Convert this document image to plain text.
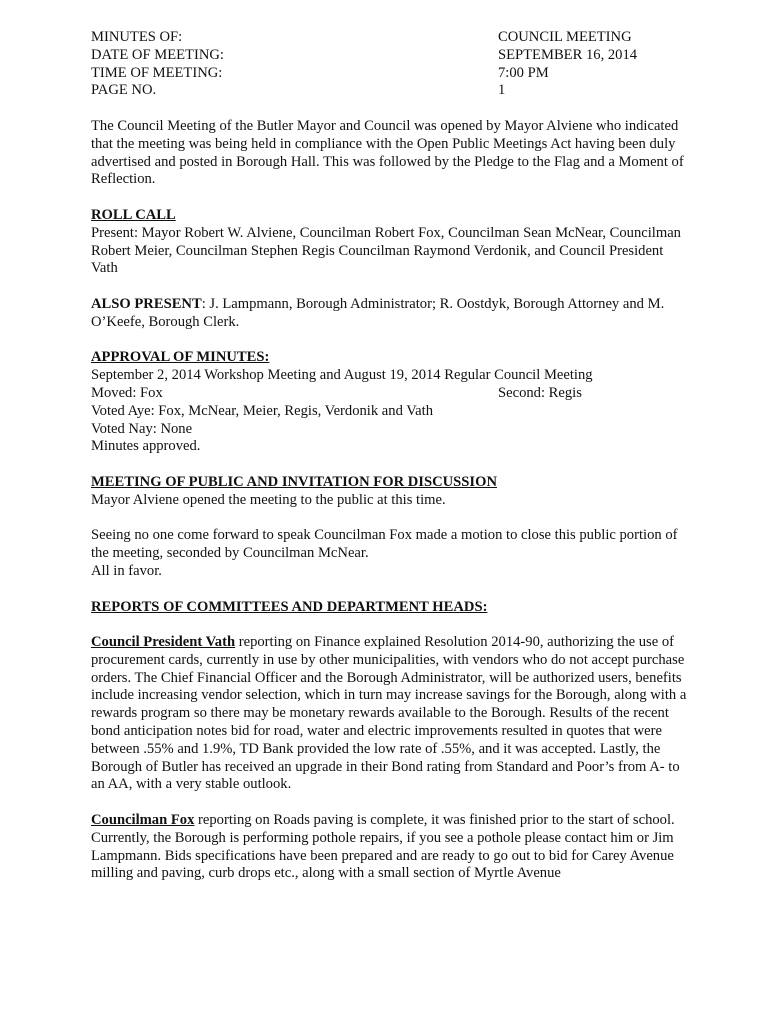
MINUTES OF:	COUNCIL MEETING
DATE OF MEETING:	SEPTEMBER 16, 2014
TIME OF MEETING:	7:00 PM
PAGE NO.	1

The Council Meeting of the Butler Mayor and Council was opened by Mayor Alviene who indicated that the meeting was being held in compliance with the Open Public Meetings Act having been duly advertised and posted in Borough Hall. This was followed by the Pledge to the Flag and a Moment of Reflection.

ROLL CALL

Present: Mayor Robert W. Alviene, Councilman Robert Fox, Councilman Sean McNear, Councilman Robert Meier, Councilman Stephen Regis Councilman Raymond Verdonik, and Council President Vath

ALSO PRESENT: J. Lampmann, Borough Administrator; R. Oostdyk, Borough Attorney and M. O’Keefe, Borough Clerk.

APPROVAL OF MINUTES:

September 2, 2014 Workshop Meeting and August 19, 2014 Regular Council Meeting

Moved: Fox	Second: Regis

Voted Aye: Fox, McNear, Meier, Regis, Verdonik and Vath

Voted Nay: None

Minutes approved.

MEETING OF PUBLIC AND INVITATION FOR DISCUSSION

Mayor Alviene opened the meeting to the public at this time.

Seeing no one come forward to speak Councilman Fox made a motion to close this public portion of the meeting, seconded by Councilman McNear.

All in favor.

REPORTS OF COMMITTEES AND DEPARTMENT HEADS:

Council President Vath reporting on Finance explained Resolution 2014-90, authorizing the use of procurement cards, currently in use by other municipalities, with vendors who do not accept purchase orders. The Chief Financial Officer and the Borough Administrator, will be authorized users, benefits include increasing vendor selection, which in turn may increase savings for the Borough, along with a rewards program so there may be monetary rewards available to the Borough. Results of the recent bond anticipation notes bid for road, water and electric improvements resulted in quotes that were between .55% and 1.9%, TD Bank provided the low rate of .55%, and it was accepted. Lastly, the Borough of Butler has received an upgrade in their Bond rating from Standard and Poor’s from A- to an AA, with a very stable outlook.

Councilman Fox reporting on Roads paving is complete, it was finished prior to the start of school. Currently, the Borough is performing pothole repairs, if you see a pothole please contact him or Jim Lampmann. Bids specifications have been prepared and are ready to go out to bid for Carey Avenue milling and paving, curb drops etc., along with a small section of Myrtle Avenue
